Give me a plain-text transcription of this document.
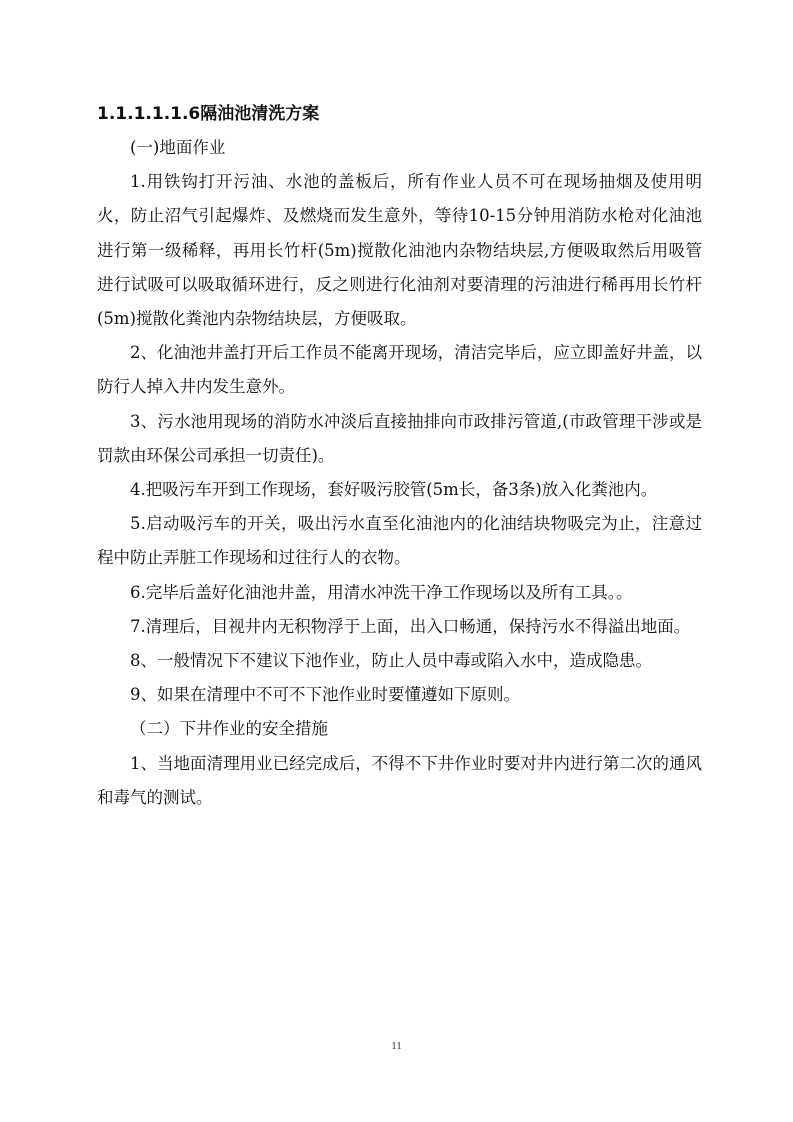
1.1.1.1.1.6隔油池清洗方案

(一)地面作业

1.用铁钩打开污油、水池的盖板后，所有作业人员不可在现场抽烟及使用明火，防止沼气引起爆炸、及燃烧而发生意外，等待10-15分钟用消防水枪对化油池进行第一级稀释，再用长竹杆(5m)搅散化油池内杂物结块层,方便吸取然后用吸管进行试吸可以吸取循环进行，反之则进行化油剂对要清理的污油进行稀再用长竹杆(5m)搅散化粪池内杂物结块层，方便吸取。

2、化油池井盖打开后工作员不能离开现场，清洁完毕后，应立即盖好井盖，以防行人掉入井内发生意外。

3、污水池用现场的消防水冲淡后直接抽排向市政排污管道,(市政管理干涉或是罚款由环保公司承担一切责任)。

4.把吸污车开到工作现场，套好吸污胶管(5m长，备3条)放入化粪池内。

5.启动吸污车的开关，吸出污水直至化油池内的化油结块物吸完为止，注意过程中防止弄脏工作现场和过往行人的衣物。

6.完毕后盖好化油池井盖，用清水冲洗干净工作现场以及所有工具。。

7.清理后，目视井内无积物浮于上面，出入口畅通，保持污水不得溢出地面。

8、一般情况下不建议下池作业，防止人员中毒或陷入水中，造成隐患。

9、如果在清理中不可不下池作业时要懂遵如下原则。

（二）下井作业的安全措施

1、当地面清理用业已经完成后，不得不下井作业时要对井内进行第二次的通风和毒气的测试。

11
